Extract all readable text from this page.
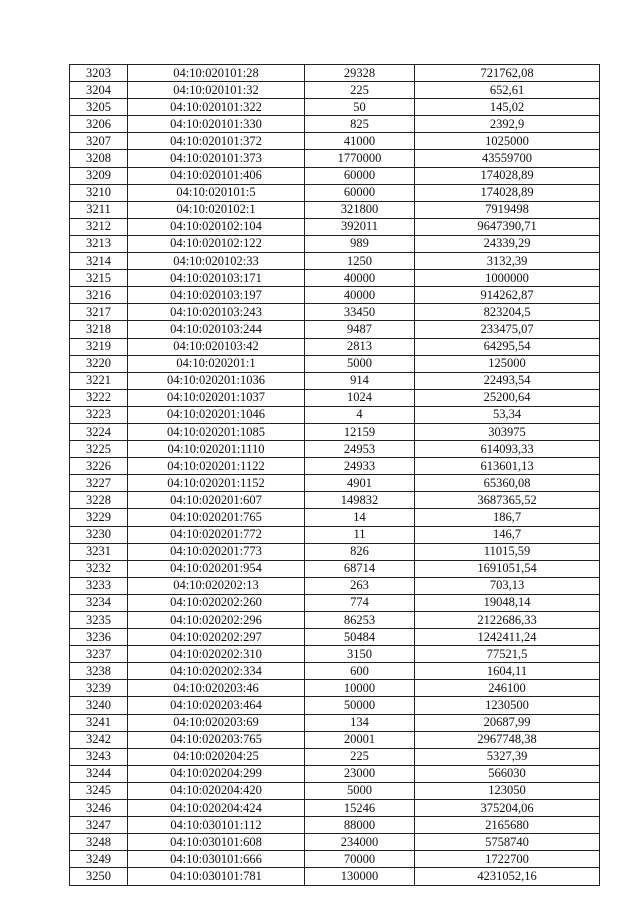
3203	04:10:020101:28	29328	721762,08
3204	04:10:020101:32	225	652,61
3205	04:10:020101:322	50	145,02
3206	04:10:020101:330	825	2392,9
3207	04:10:020101:372	41000	1025000
3208	04:10:020101:373	1770000	43559700
3209	04:10:020101:406	60000	174028,89
3210	04:10:020101:5	60000	174028,89
3211	04:10:020102:1	321800	7919498
3212	04:10:020102:104	392011	9647390,71
3213	04:10:020102:122	989	24339,29
3214	04:10:020102:33	1250	3132,39
3215	04:10:020103:171	40000	1000000
3216	04:10:020103:197	40000	914262,87
3217	04:10:020103:243	33450	823204,5
3218	04:10:020103:244	9487	233475,07
3219	04:10:020103:42	2813	64295,54
3220	04:10:020201:1	5000	125000
3221	04:10:020201:1036	914	22493,54
3222	04:10:020201:1037	1024	25200,64
3223	04:10:020201:1046	4	53,34
3224	04:10:020201:1085	12159	303975
3225	04:10:020201:1110	24953	614093,33
3226	04:10:020201:1122	24933	613601,13
3227	04:10:020201:1152	4901	65360,08
3228	04:10:020201:607	149832	3687365,52
3229	04:10:020201:765	14	186,7
3230	04:10:020201:772	11	146,7
3231	04:10:020201:773	826	11015,59
3232	04:10:020201:954	68714	1691051,54
3233	04:10:020202:13	263	703,13
3234	04:10:020202:260	774	19048,14
3235	04:10:020202:296	86253	2122686,33
3236	04:10:020202:297	50484	1242411,24
3237	04:10:020202:310	3150	77521,5
3238	04:10:020202:334	600	1604,11
3239	04:10:020203:46	10000	246100
3240	04:10:020203:464	50000	1230500
3241	04:10:020203:69	134	20687,99
3242	04:10:020203:765	20001	2967748,38
3243	04:10:020204:25	225	5327,39
3244	04:10:020204:299	23000	566030
3245	04:10:020204:420	5000	123050
3246	04:10:020204:424	15246	375204,06
3247	04:10:030101:112	88000	2165680
3248	04:10:030101:608	234000	5758740
3249	04:10:030101:666	70000	1722700
3250	04:10:030101:781	130000	4231052,16
